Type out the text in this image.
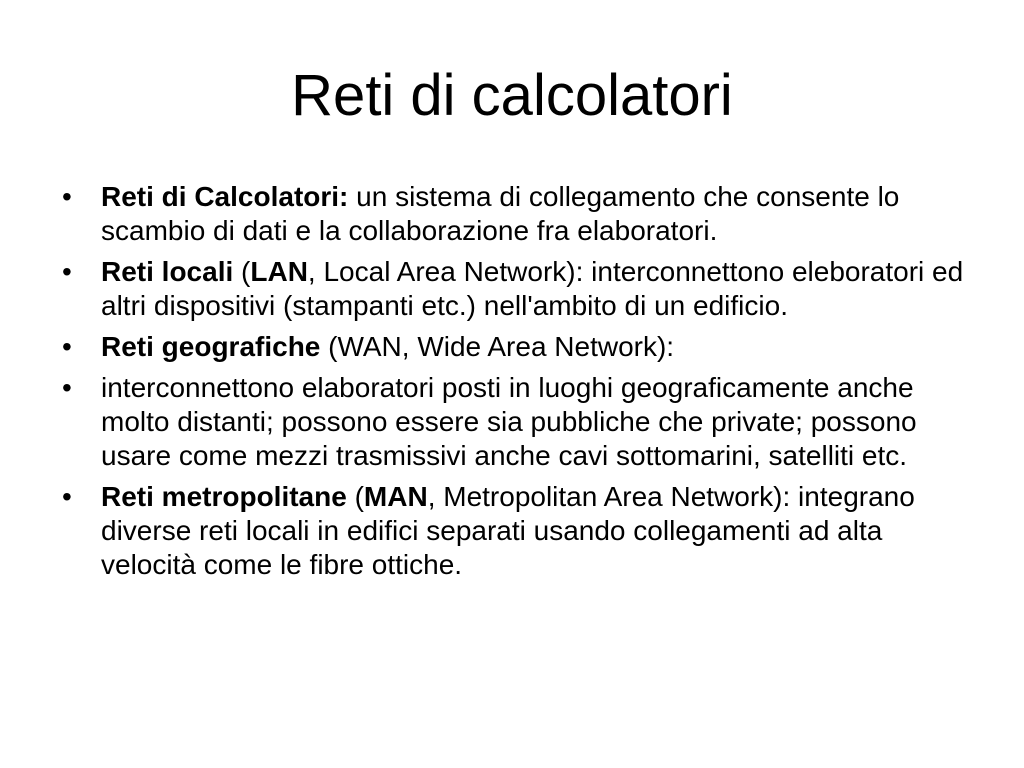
Reti di calcolatori
• Reti di Calcolatori: un sistema di collegamento che consente lo scambio di dati e la collaborazione fra elaboratori.
• Reti locali (LAN, Local Area Network): interconnettono eleboratori ed altri dispositivi (stampanti etc.) nell'ambito di un edificio.
• Reti geografiche (WAN, Wide Area Network):
• interconnettono elaboratori posti in luoghi geograficamente anche molto distanti; possono essere sia pubbliche che private; possono usare come mezzi trasmissivi anche cavi sottomarini, satelliti etc.
• Reti metropolitane (MAN, Metropolitan Area Network): integrano diverse reti locali in edifici separati usando collegamenti ad alta velocità come le fibre ottiche.
